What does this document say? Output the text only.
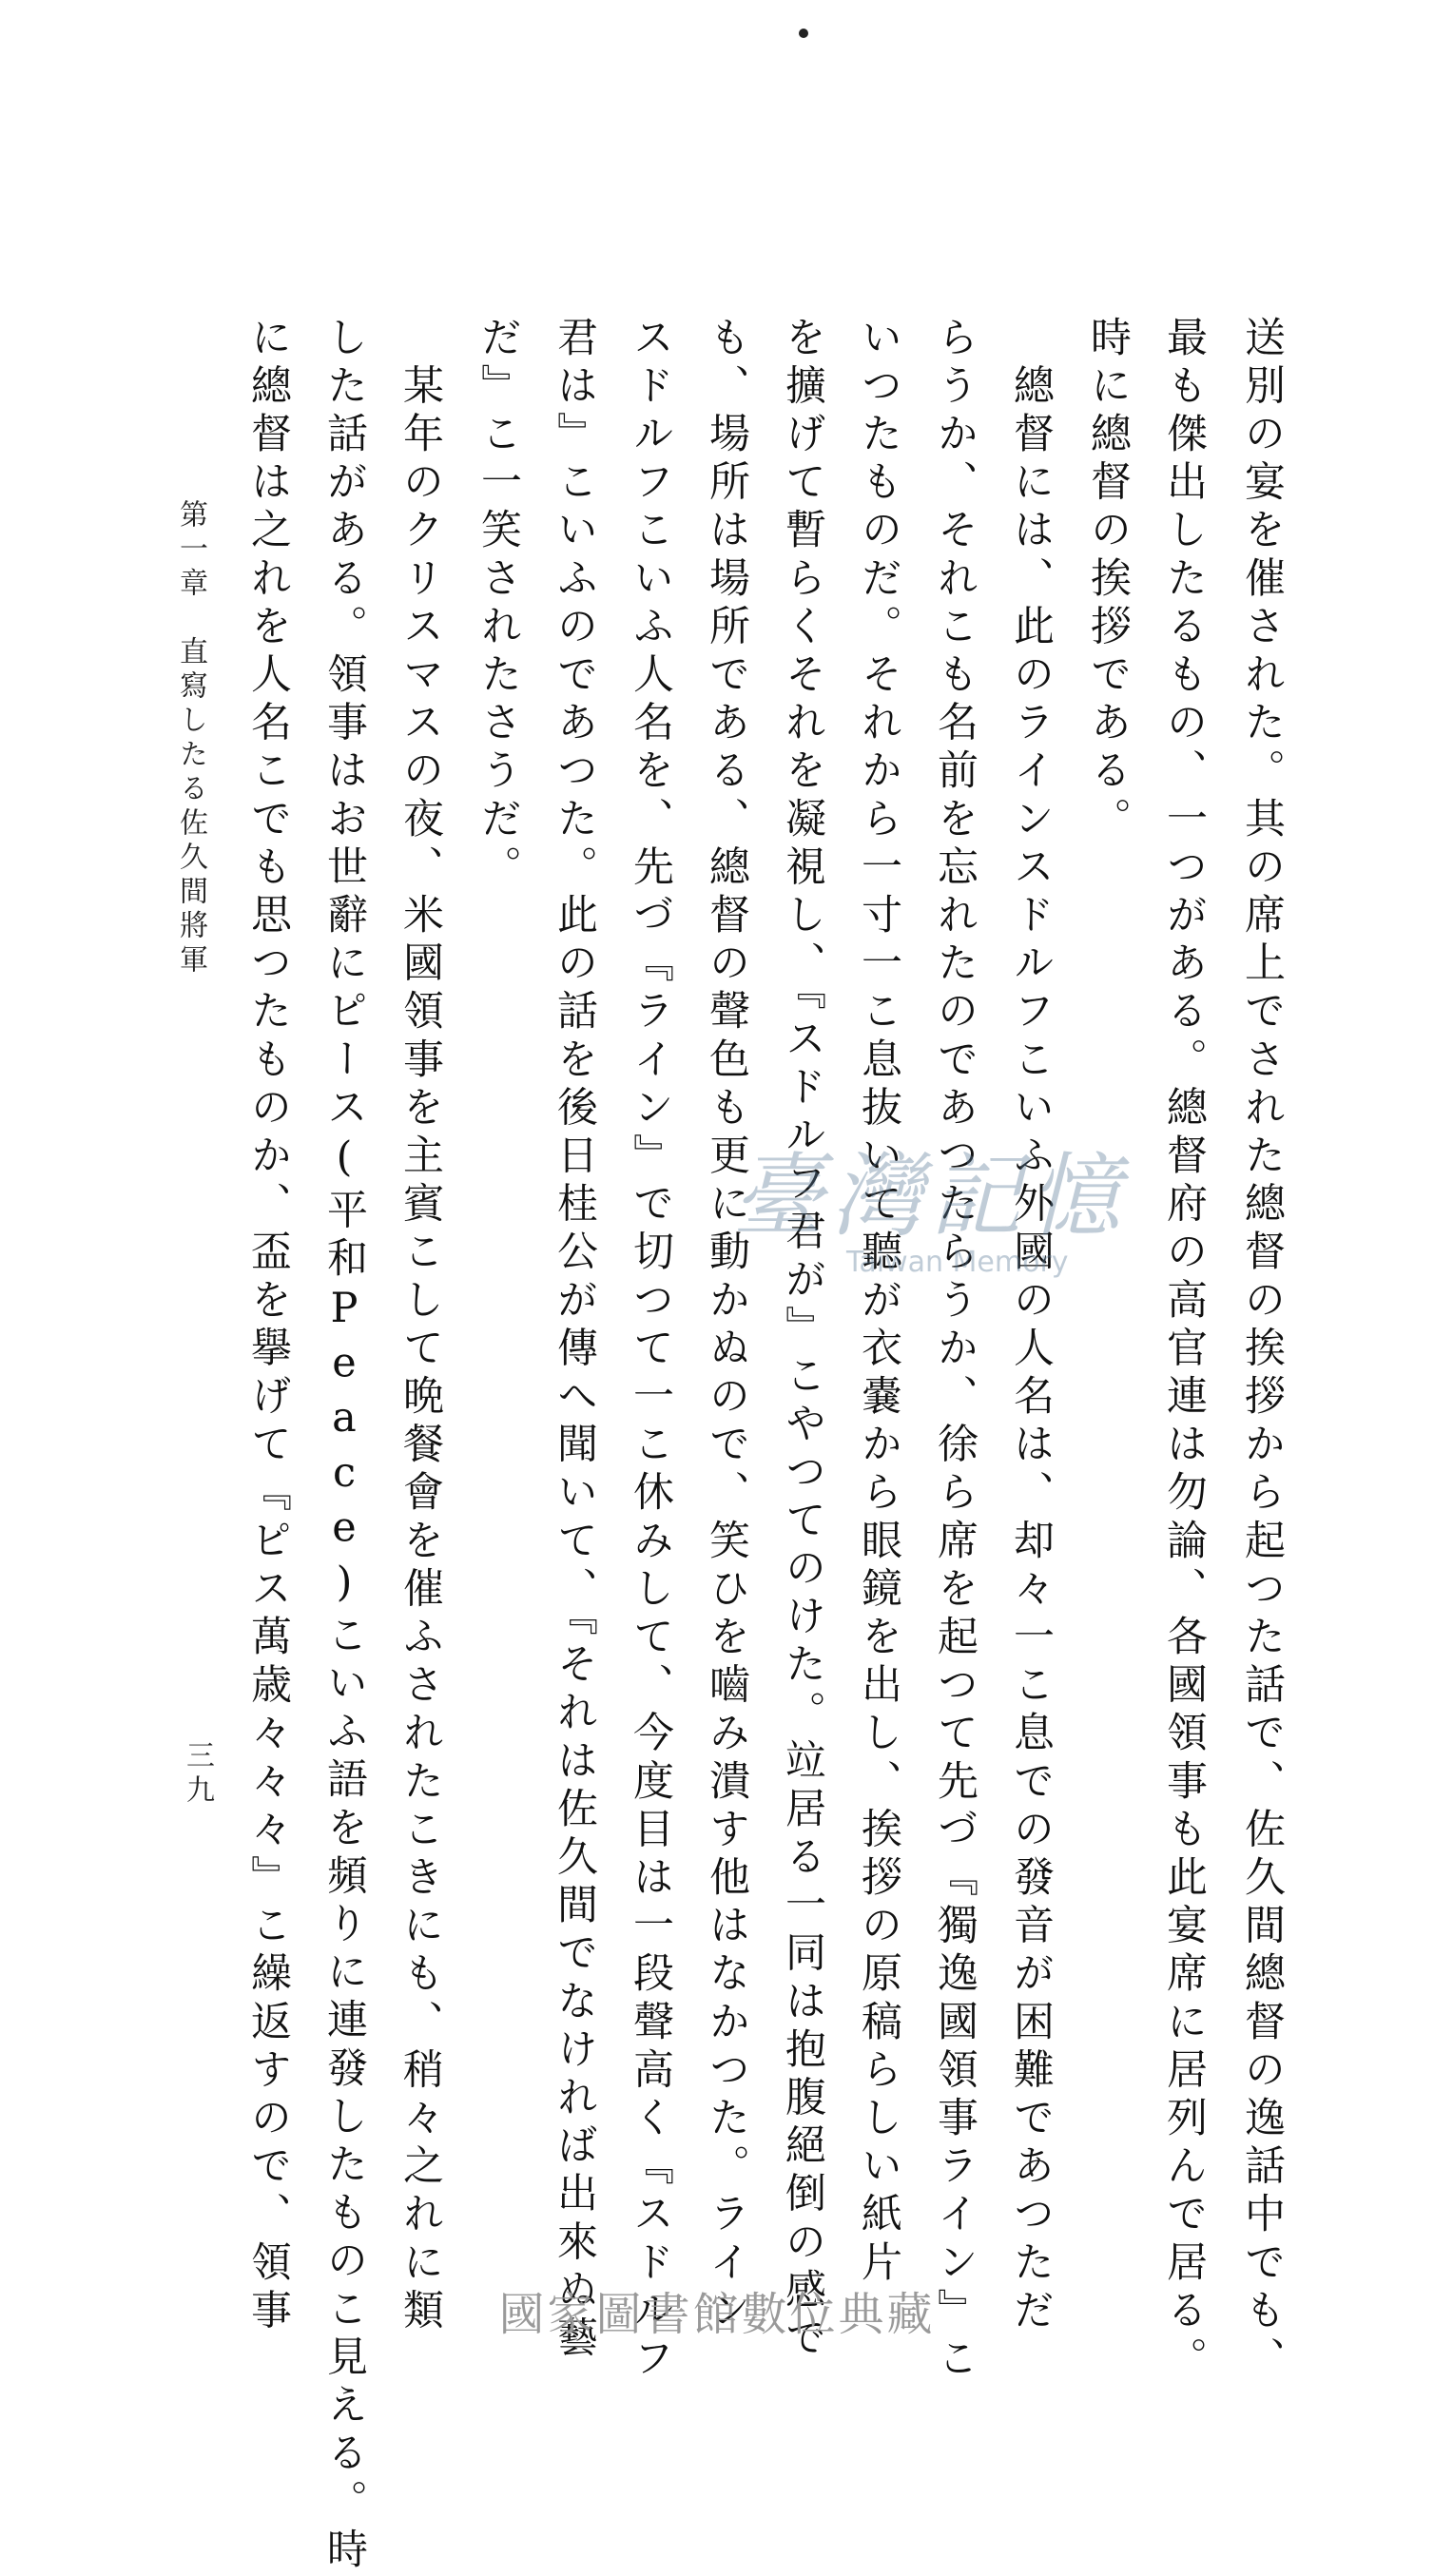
送別の宴を催された。其の席上でされた總督の挨拶から起つた話で、佐久間總督の逸話中でも、
最も傑出したるもの、一つがある。總督府の高官連は勿論、各國領事も此宴席に居列んで居る。
時に總督の挨拶である。
　總督には、此のラインスドルフこいふ外國の人名は、却々一こ息での發音が困難であつただ
らうか、それこも名前を忘れたのであつたらうか、徐ら席を起つて先づ『獨逸國領事ライン』こ
いつたものだ。それから一寸一こ息抜いて聽が衣嚢から眼鏡を出し、挨拶の原稿らしい紙片
を擴げて暫らくそれを凝視し、『スドルフ君が』こやつてのけた。竝居る一同は抱腹絕倒の感で
も、場所は場所である、總督の聲色も更に動かぬので、笑ひを嚙み潰す他はなかつた。ライン
スドルフこいふ人名を、先づ『ライン』で切つて一こ休みして、今度目は一段聲高く『スドルフ
君は』こいふのであつた。此の話を後日桂公が傳へ聞いて、『それは佐久間でなければ出來ぬ藝
だ』こ一笑されたさうだ。
　某年のクリスマスの夜、米國領事を主賓こして晩餐會を催ふされたこきにも、稍々之れに類
した話がある。領事はお世辭にピース(平和Peace)こいふ語を頻りに連發したものこ見える。時
に總督は之れを人名こでも思つたものか、盃を擧げて『ピス萬歳々々々』こ繰返すので、領事
第一章　直寫したる佐久間將軍
三九
臺灣記憶
Taiwan Memory
國家圖書館數位典藏
